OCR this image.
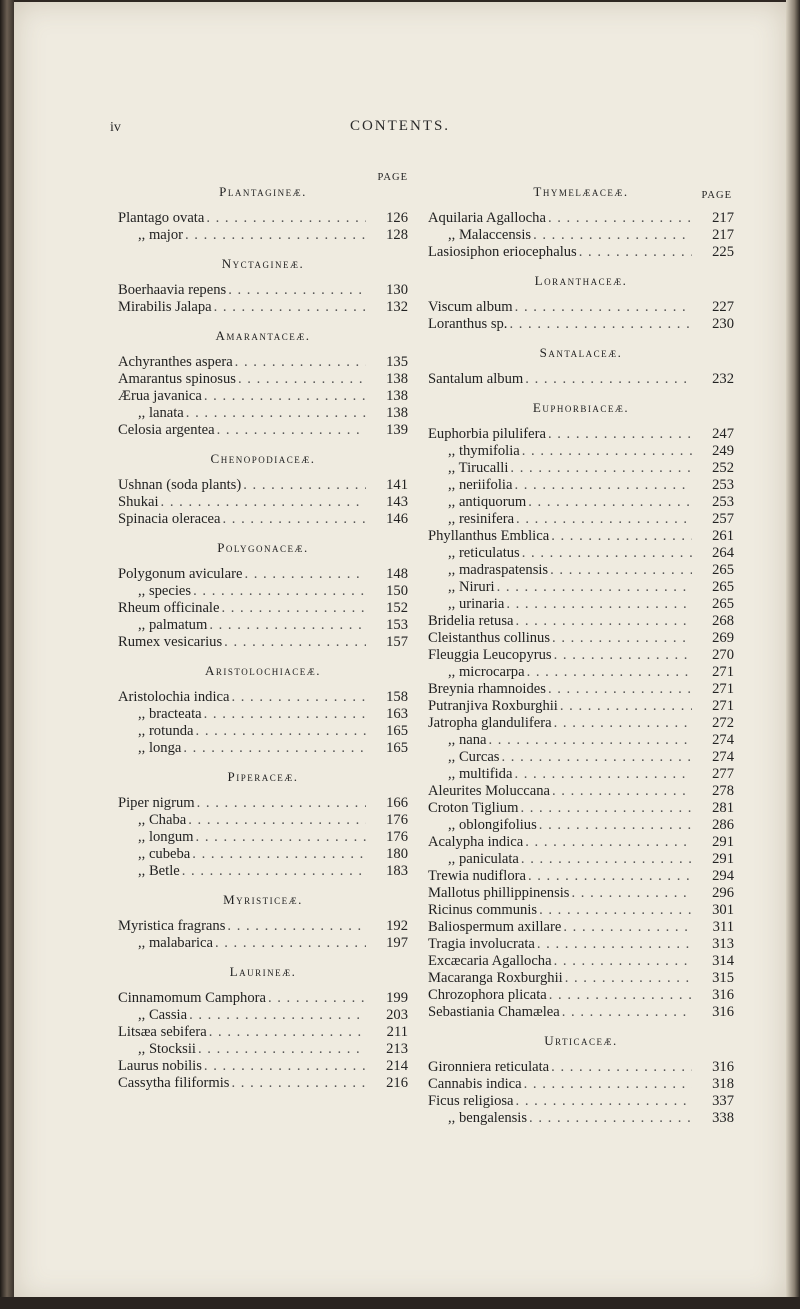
iv	CONTENTS.
PAGE
Plantagineæ.
Plantago ovata . . .	126
,, major . . .	128
Nyctagineæ.
Boerhaavia repens . . .	130
Mirabilis Jalapa . . .	132
Amarantaceæ.
Achyranthes aspera . . .	135
Amarantus spinosus . . .	138
Ærua javanica . . .	138
,, lanata . . .	138
Celosia argentea . . .	139
Chenopodiaceæ.
Ushnan (soda plants) . . .	141
Shukai . . .	143
Spinacia oleracea . . .	146
Polygonaceæ.
Polygonum aviculare . . .	148
,, species . . .	150
Rheum officinale . . .	152
,, palmatum . . .	153
Rumex vesicarius . . .	157
Aristolochiaceæ.
Aristolochia indica . . .	158
,, bracteata . . .	163
,, rotunda . . .	165
,, longa . . .	165
Piperaceæ.
Piper nigrum . . .	166
,, Chaba . . .	176
,, longum . . .	176
,, cubeba . . .	180
,, Betle . . .	183
Myristiceæ.
Myristica fragrans . . .	192
,, malabarica . . .	197
Laurineæ.
Cinnamomum Camphora . . .	199
,, Cassia . . .	203
Litsæa sebifera . . .	211
,, Stocksii . . .	213
Laurus nobilis . . .	214
Cassytha filiformis . . .	216
PAGE
Thymelæaceæ.
Aquilaria Agallocha . . .	217
,, Malaccensis . . .	217
Lasiosiphon eriocephalus . . .	225
Loranthaceæ.
Viscum album . . .	227
Loranthus sp. . . .	230
Santalaceæ.
Santalum album . . .	232
Euphorbiaceæ.
Euphorbia pilulifera . . .	247
,, thymifolia . . .	249
,, Tirucalli . . .	252
,, neriifolia . . .	253
,, antiquorum . . .	253
,, resinifera . . .	257
Phyllanthus Emblica . . .	261
,, reticulatus . . .	264
,, madraspatensis . . .	265
,, Niruri . . .	265
,, urinaria . . .	265
Bridelia retusa . . .	268
Cleistanthus collinus . . .	269
Fleuggia Leucopyrus . . .	270
,, microcarpa . . .	271
Breynia rhamnoides . . .	271
Putranjiva Roxburghii . . .	271
Jatropha glandulifera . . .	272
,, nana . . .	274
,, Curcas . . .	274
,, multifida . . .	277
Aleurites Moluccana . . .	278
Croton Tiglium . . .	281
,, oblongifolius . . .	286
Acalypha indica . . .	291
,, paniculata . . .	291
Trewia nudiflora . . .	294
Mallotus phillippinensis . . .	296
Ricinus communis . . .	301
Baliospermum axillare . . .	311
Tragia involucrata . . .	313
Excæcaria Agallocha . . .	314
Macaranga Roxburghii . . .	315
Chrozophora plicata . . .	316
Sebastiania Chamælea . . .	316
Urticaceæ.
Gironniera reticulata . . .	316
Cannabis indica . . .	318
Ficus religiosa . . .	337
,, bengalensis . . .	338
